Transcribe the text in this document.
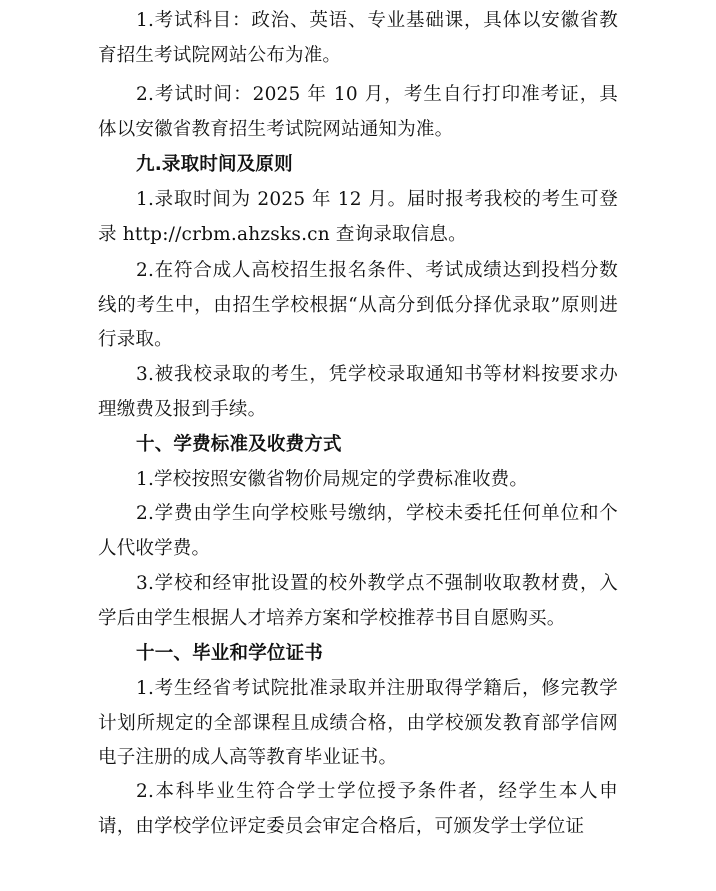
1.考试科目：政治、英语、专业基础课，具体以安徽省教育招生考试院网站公布为准。

2.考试时间：2025 年 10 月，考生自行打印准考证，具体以安徽省教育招生考试院网站通知为准。

九.录取时间及原则

1.录取时间为 2025 年 12 月。届时报考我校的考生可登录 http://crbm.ahzsks.cn 查询录取信息。

2.在符合成人高校招生报名条件、考试成绩达到投档分数线的考生中，由招生学校根据“从高分到低分择优录取”原则进行录取。

3.被我校录取的考生，凭学校录取通知书等材料按要求办理缴费及报到手续。

十、学费标准及收费方式

1.学校按照安徽省物价局规定的学费标准收费。

2.学费由学生向学校账号缴纳，学校未委托任何单位和个人代收学费。

3.学校和经审批设置的校外教学点不强制收取教材费，入学后由学生根据人才培养方案和学校推荐书目自愿购买。

十一、毕业和学位证书

1.考生经省考试院批准录取并注册取得学籍后，修完教学计划所规定的全部课程且成绩合格，由学校颁发教育部学信网电子注册的成人高等教育毕业证书。

2.本科毕业生符合学士学位授予条件者，经学生本人申请，由学校学位评定委员会审定合格后，可颁发学士学位证
